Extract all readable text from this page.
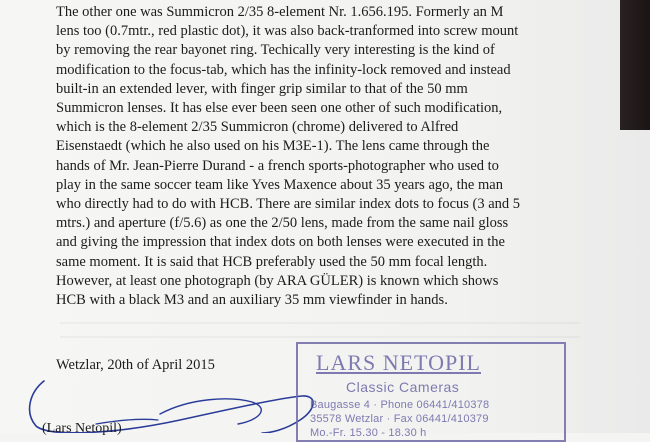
The other one was Summicron 2/35 8-element Nr. 1.656.195. Formerly an M
lens too (0.7mtr., red plastic dot), it was also back-tranformed into screw mount
by removing the rear bayonet ring. Techically very interesting is the kind of
modification to the focus-tab, which has the infinity-lock removed and instead
built-in an extended lever, with finger grip similar to that of the 50 mm
Summicron lenses. It has else ever been seen one other of such modification,
which is the 8-element 2/35 Summicron (chrome) delivered to Alfred
Eisenstaedt (which he also used on his M3E-1). The lens came through the
hands of Mr. Jean-Pierre Durand - a french sports-photographer who used to
play in the same soccer team like Yves Maxence about 35 years ago, the man
who directly had to do with HCB. There are similar index dots to focus (3 and 5
mtrs.) and aperture (f/5.6) as one the 2/50 lens, made from the same nail gloss
and giving the impression that index dots on both lenses were executed in the
same moment. It is said that HCB preferably used the 50 mm focal length.
However, at least one photograph (by ARA GÜLER) is known which shows
HCB with a black M3 and an auxiliary 35 mm viewfinder in hands.
Wetzlar, 20th of April 2015
(Lars Netopil)
LARS NETOPIL
Classic Cameras
Baugasse 4 · Phone 06441/410378
35578 Wetzlar · Fax 06441/410379
Mo.-Fr. 15.30 - 18.30 h
